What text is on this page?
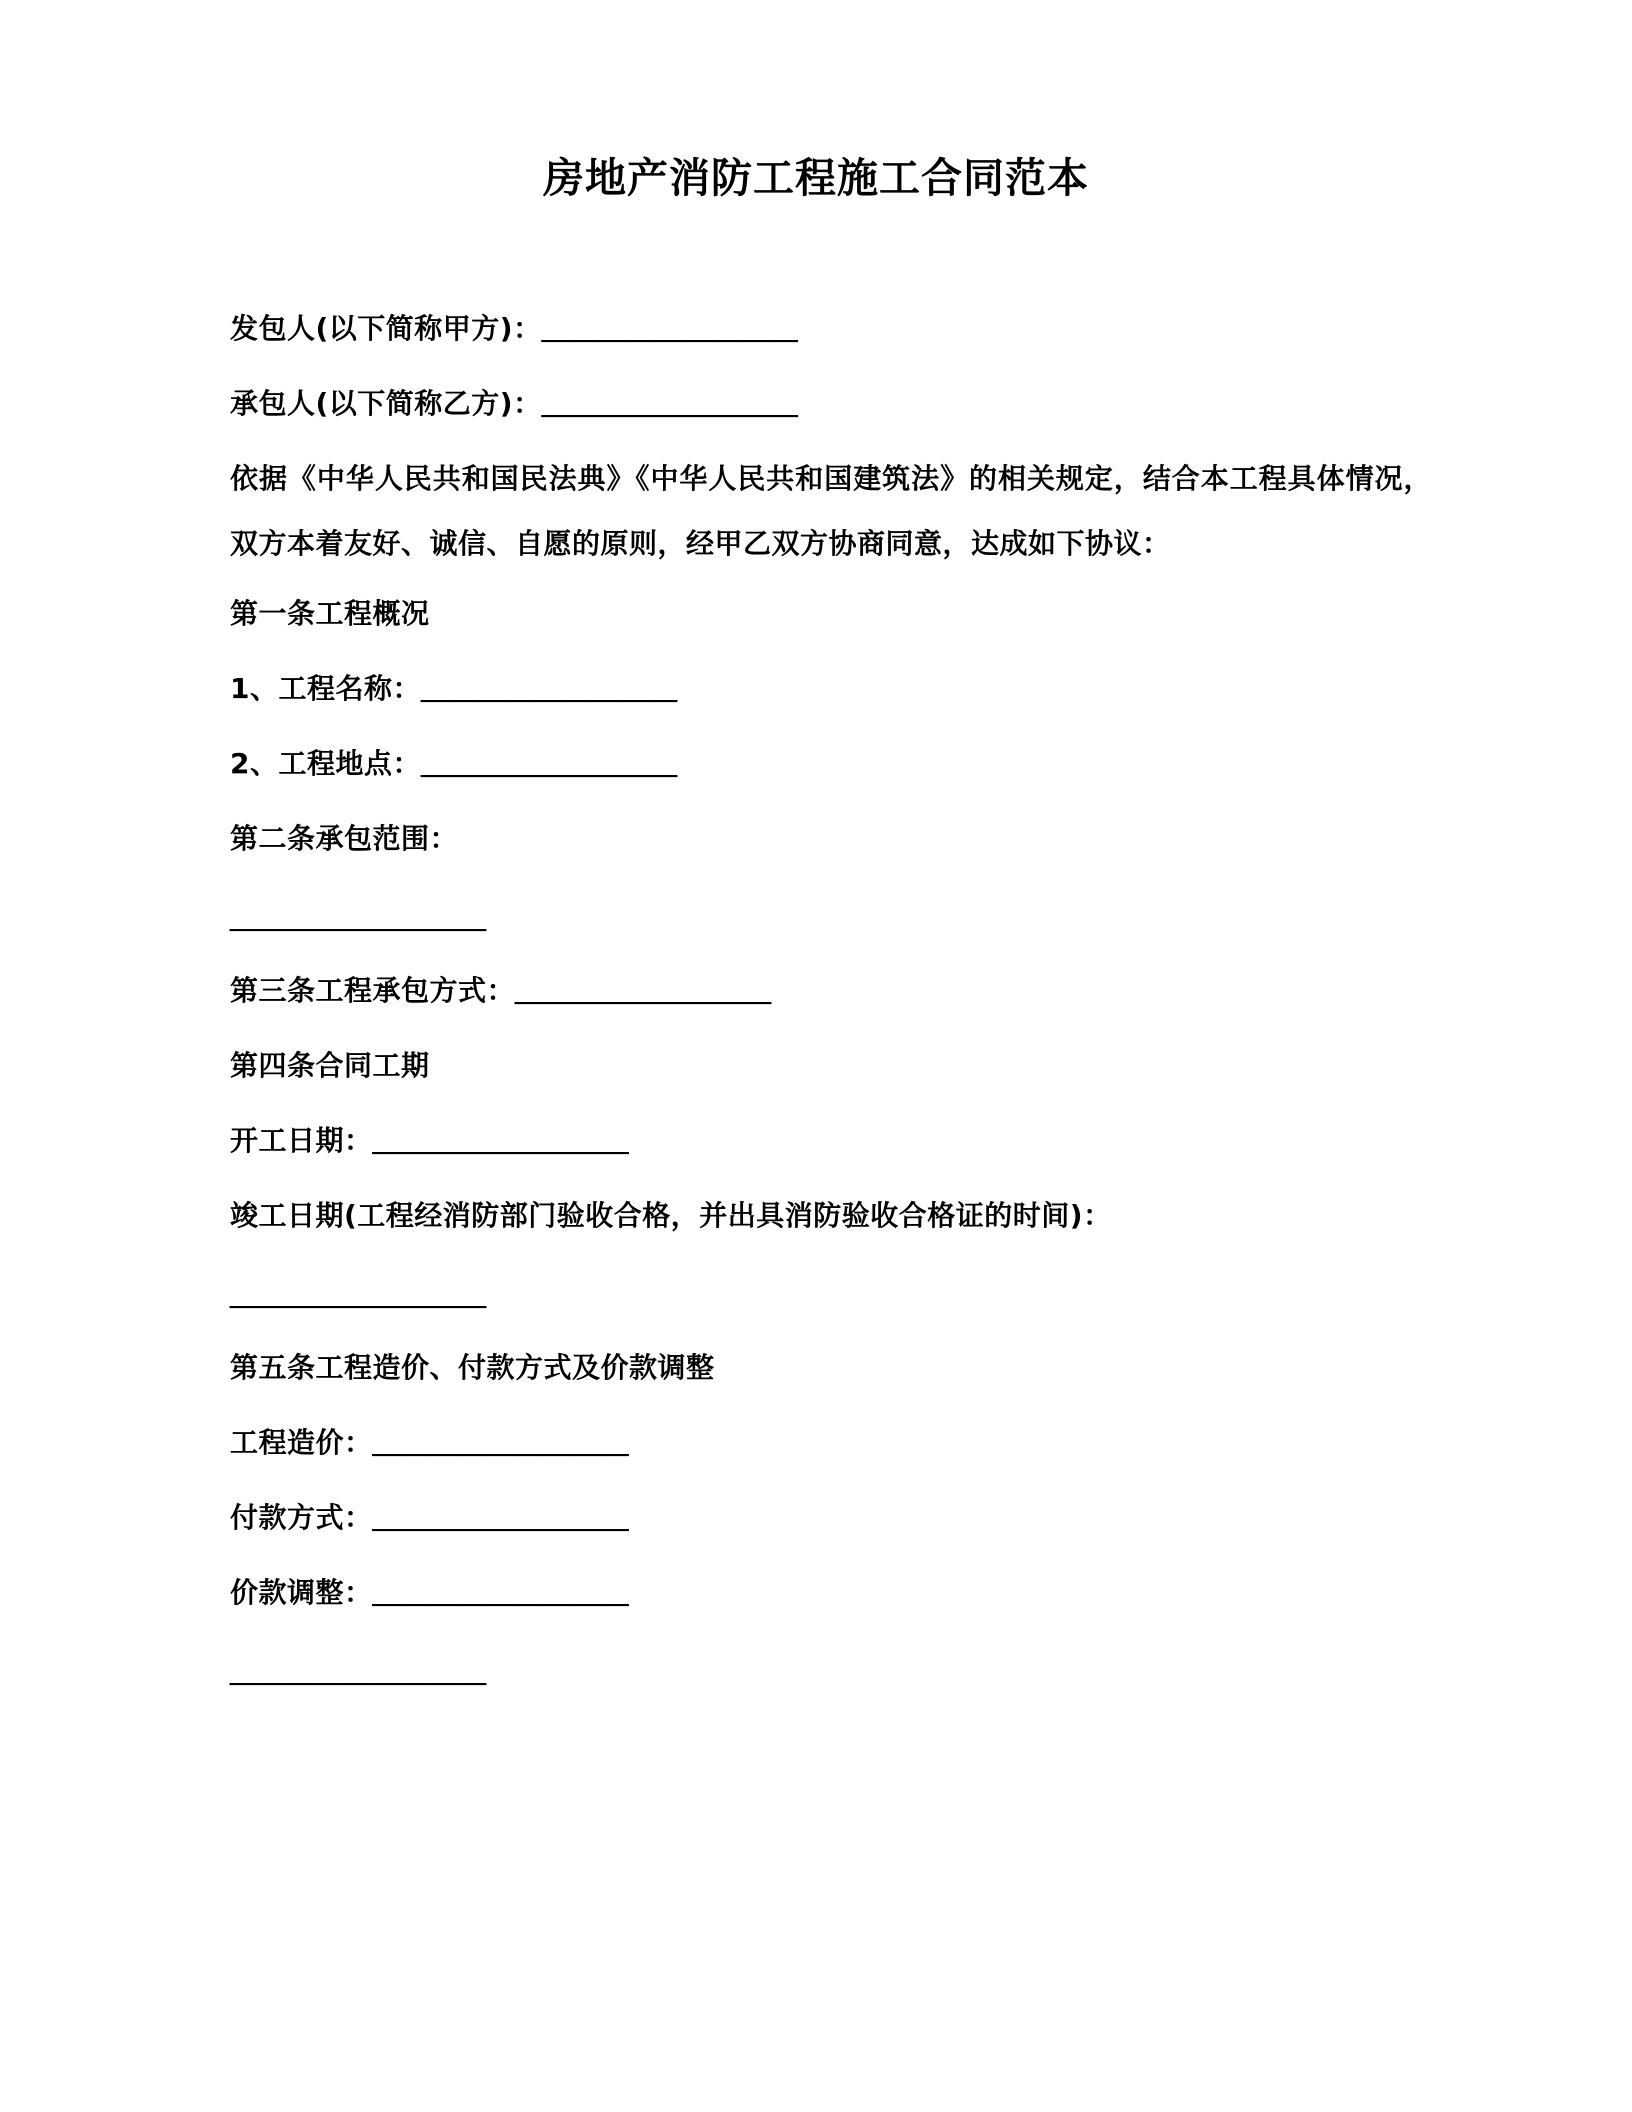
房地产消防工程施工合同范本

发包人(以下简称甲方)：＿＿＿＿＿＿＿＿＿

承包人(以下简称乙方)：＿＿＿＿＿＿＿＿＿

依据《中华人民共和国民法典》《中华人民共和国建筑法》的相关规定，结合本工程具体情况，双方本着友好、诚信、自愿的原则，经甲乙双方协商同意，达成如下协议：

第一条工程概况

1、工程名称：＿＿＿＿＿＿＿＿＿

2、工程地点：＿＿＿＿＿＿＿＿＿

第二条承包范围：

＿＿＿＿＿＿＿＿＿

第三条工程承包方式：＿＿＿＿＿＿＿＿＿

第四条合同工期

开工日期：＿＿＿＿＿＿＿＿＿

竣工日期(工程经消防部门验收合格，并出具消防验收合格证的时间)：

＿＿＿＿＿＿＿＿＿

第五条工程造价、付款方式及价款调整

工程造价：＿＿＿＿＿＿＿＿＿

付款方式：＿＿＿＿＿＿＿＿＿

价款调整：＿＿＿＿＿＿＿＿＿

＿＿＿＿＿＿＿＿＿
